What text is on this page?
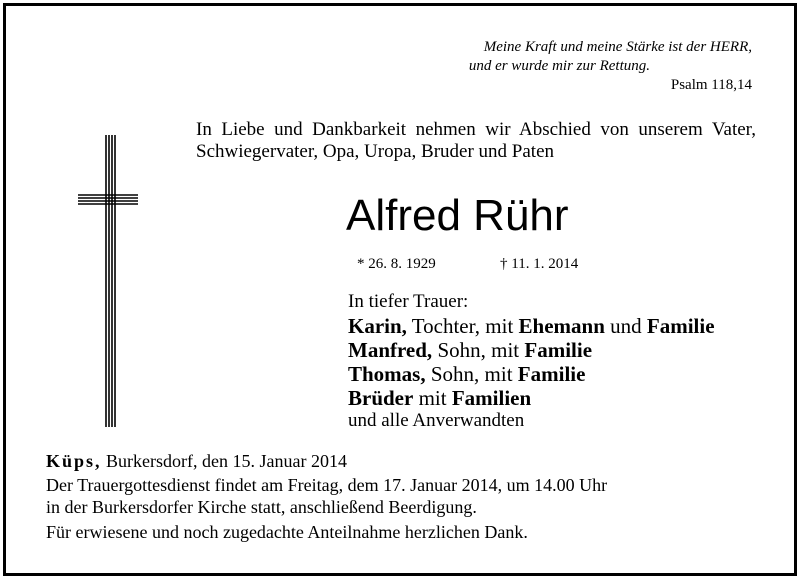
Meine Kraft und meine Stärke ist der HERR,
und er wurde mir zur Rettung.
Psalm 118,14
In Liebe und Dankbarkeit nehmen wir Abschied von unserem Vater, Schwiegervater, Opa, Uropa, Bruder und Paten
Alfred Rühr
* 26. 8. 1929	† 11. 1. 2014
In tiefer Trauer:
Karin, Tochter, mit Ehemann und Familie
Manfred, Sohn, mit Familie
Thomas, Sohn, mit Familie
Brüder mit Familien
und alle Anverwandten
Küps, Burkersdorf, den 15. Januar 2014
Der Trauergottesdienst findet am Freitag, dem 17. Januar 2014, um 14.00 Uhr
in der Burkersdorfer Kirche statt, anschließend Beerdigung.
Für erwiesene und noch zugedachte Anteilnahme herzlichen Dank.
